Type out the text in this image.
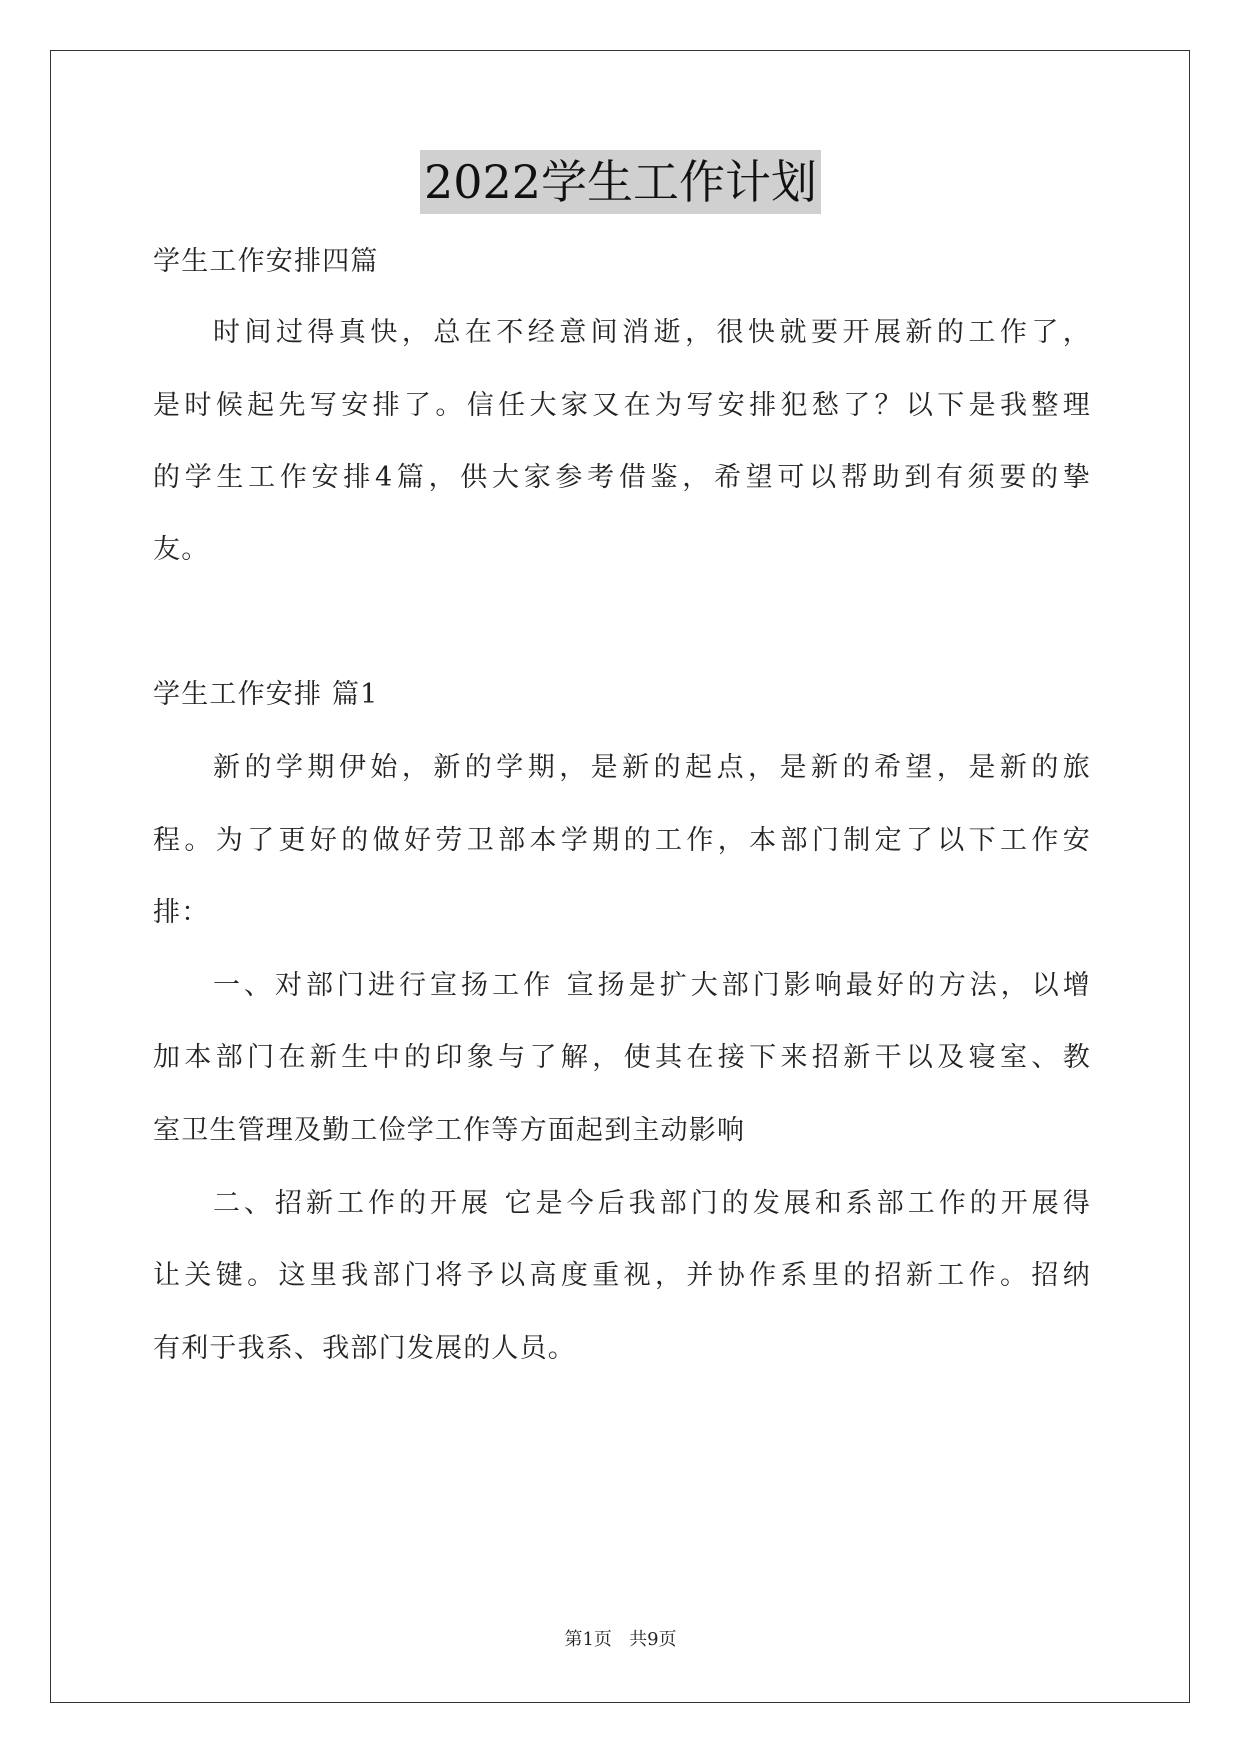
2022学生工作计划
学生工作安排四篇
时间过得真快，总在不经意间消逝，很快就要开展新的工作了，
是时候起先写安排了。信任大家又在为写安排犯愁了？以下是我整理
的学生工作安排4篇，供大家参考借鉴，希望可以帮助到有须要的挚
友。
学生工作安排 篇1
新的学期伊始，新的学期，是新的起点，是新的希望，是新的旅
程。为了更好的做好劳卫部本学期的工作，本部门制定了以下工作安
排：
一、对部门进行宣扬工作 宣扬是扩大部门影响最好的方法，以增
加本部门在新生中的印象与了解，使其在接下来招新干以及寝室、教
室卫生管理及勤工俭学工作等方面起到主动影响
二、招新工作的开展 它是今后我部门的发展和系部工作的开展得
让关键。这里我部门将予以高度重视，并协作系里的招新工作。招纳
有利于我系、我部门发展的人员。
第1页   共9页
